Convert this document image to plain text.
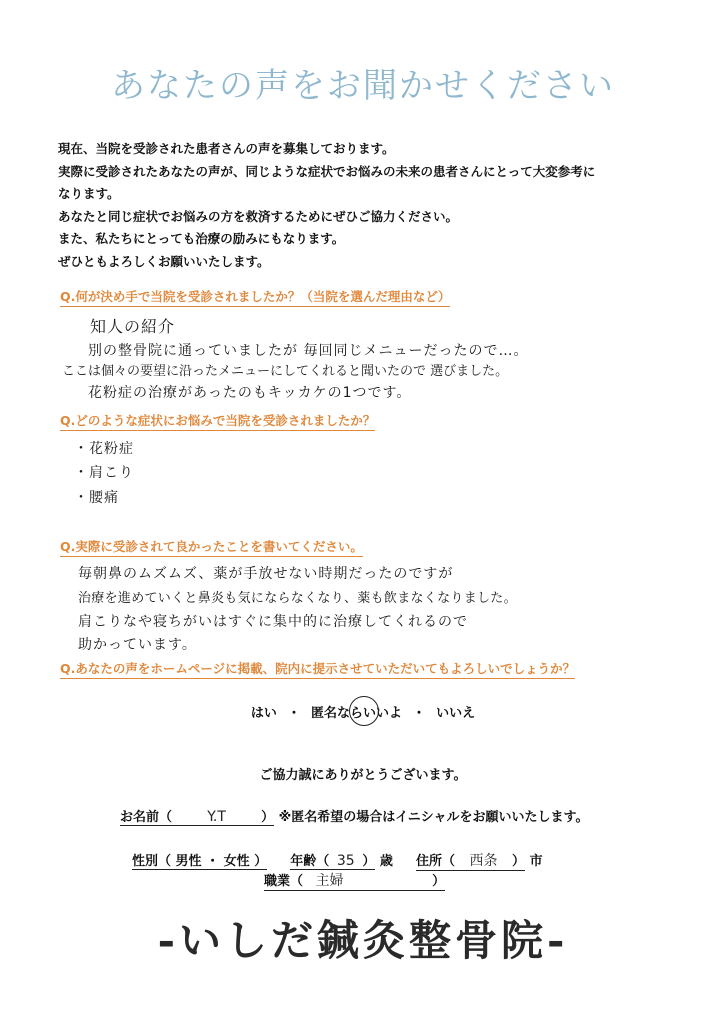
あなたの声をお聞かせください
現在、当院を受診された患者さんの声を募集しております。
実際に受診されたあなたの声が、同じような症状でお悩みの未来の患者さんにとって大変参考に
なります。
あなたと同じ症状でお悩みの方を救済するためにぜひご協力ください。
また、私たちにとっても治療の励みにもなります。
ぜひともよろしくお願いいたします。
Q.何が決め手で当院を受診されましたか？（当院を選んだ理由など）
知人の紹介
別の整骨院に通っていましたが 毎回同じメニューだったので…。
ここは個々の要望に沿ったメニューにしてくれると聞いたので 選びました。
花粉症の治療があったのもキッカケの1つです。
Q.どのような症状にお悩みで当院を受診されましたか？
・花粉症
・肩こり
・腰痛
Q.実際に受診されて良かったことを書いてください。
毎朝鼻のムズムズ、薬が手放せない時期だったのですが
治療を進めていくと鼻炎も気にならなくなり、薬も飲まなくなりました。
肩こりなや寝ちがいはすぐに集中的に治療してくれるので
助かっています。
Q.あなたの声をホームページに掲載、院内に提示させていただいてもよろしいでしょうか？
はい ・ 匿名ならいいよ ・ いいえ
ご協力誠にありがとうございます。
お名前（	Y.T	） ※匿名希望の場合はイニシャルをお願いいたします。
性別（ 男性 ・ 女性 ） 年齢（ 35 ） 歳 住所（ 西条 ） 市
職業（ 主婦	）
-いしだ鍼灸整骨院-
